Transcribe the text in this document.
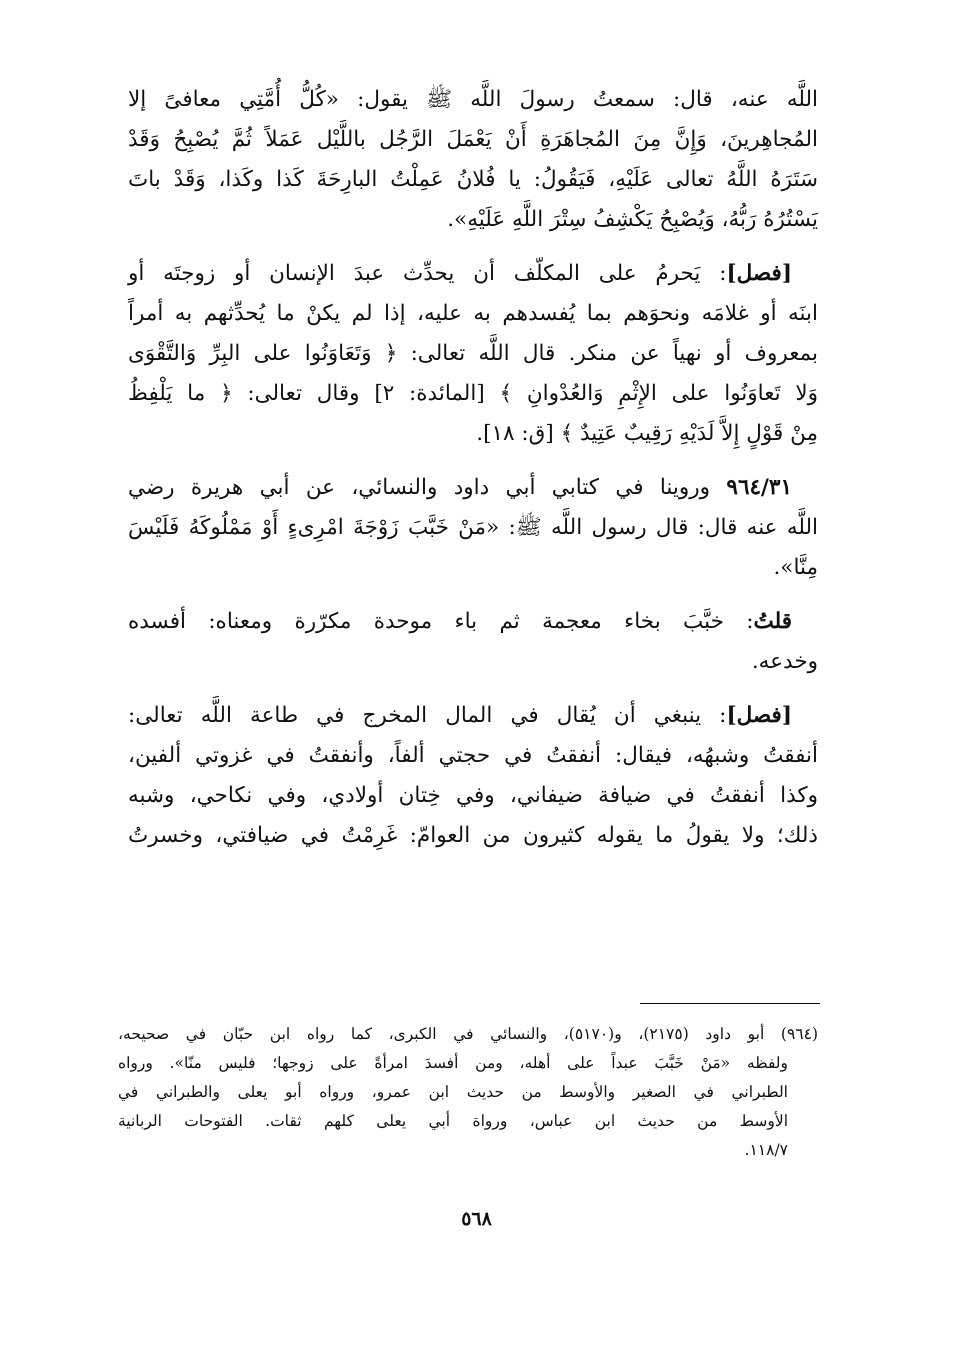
اللَّه عنه، قال: سمعتُ رسولَ اللَّه ﷺ يقول: «كُلُّ أُمَّتِي معافىً إلا
المُجاهِرينَ، وَإِنَّ مِنَ المُجاهَرَةِ أَنْ يَعْمَلَ الرَّجُل باللَّيْل عَمَلاً ثُمَّ يُصْبِحُ وَقَدْ
سَتَرَهُ اللَّهُ تعالى عَلَيْهِ، فَيَقُولُ: يا فُلانُ عَمِلْتُ البارِحَةَ كَذا وكَذا، وَقَدْ باتَ
يَسْتُرُهُ رَبُّهُ، وَيُصْبِحُ يَكْشِفُ سِتْرَ اللَّهِ عَلَيْهِ».

[فصل]: يَحرمُ على المكلّف أن يحدِّث عبدَ الإنسان أو زوجتَه أو
ابنَه أو غلامَه ونحوَهم بما يُفسدهم به عليه، إذا لم يكنْ ما يُحدِّثهم به أمراً
بمعروف أو نهياً عن منكر. قال اللَّه تعالى: ﴿ وَتَعَاوَنُوا على البِرِّ وَالتَّقْوَى
وَلا تَعاوَنُوا على الإِثْمِ وَالعُدْوانِ ﴾ [المائدة: ٢] وقال تعالى: ﴿ ما يَلْفِظُ
مِنْ قَوْلٍ إِلاَّ لَدَيْهِ رَقِيبٌ عَتِيدٌ ﴾ [ق: ١٨].

٩٦٤/٣١ وروينا في كتابي أبي داود والنسائي، عن أبي هريرة رضي
اللَّه عنه قال: قال رسول اللَّه ﷺ: «مَنْ خَبَّبَ زَوْجَةَ امْرِىءٍ أَوْ مَمْلُوكَهُ فَلَيْسَ
مِنَّا».

قلتُ: خبَّبَ بخاء معجمة ثم باء موحدة مكرّرة ومعناه: أفسده
وخدعه.

[فصل]: ينبغي أن يُقال في المال المخرج في طاعة اللَّه تعالى:
أنفقتُ وشبهُه، فيقال: أنفقتُ في حجتي ألفاً، وأنفقتُ في غزوتي ألفين،
وكذا أنفقتُ في ضيافة ضيفاني، وفي خِتان أولادي، وفي نكاحي، وشبه
ذلك؛ ولا يقولُ ما يقوله كثيرون من العوامّ: غَرِمْتُ في ضيافتي، وخسرتُ

(٩٦٤) أبو داود (٢١٧٥)، و(٥١٧٠)، والنسائي في الكبرى، كما رواه ابن حبّان في صحيحه،
ولفظه «مَنْ خَبَّبَ عبداً على أهله، ومن أفسدَ امرأةً على زوجها؛ فليس منّا». ورواه
الطبراني في الصغير والأوسط من حديث ابن عمرو، ورواه أبو يعلى والطبراني في
الأوسط من حديث ابن عباس، ورواة أبي يعلى كلهم ثقات. الفتوحات الربانية
١١٨/٧.
٥٦٨
